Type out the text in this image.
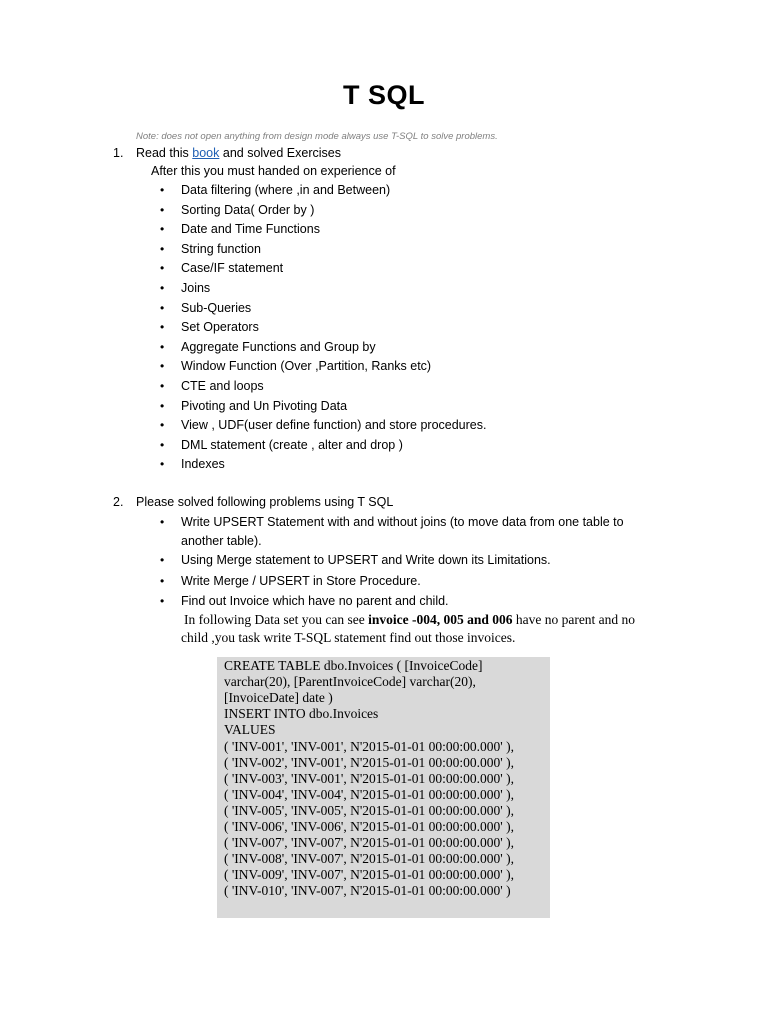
T SQL
Note: does not open anything from design mode always use T-SQL to solve problems.
1. Read this book and solved Exercises
After this you must handed on experience of
• Data filtering (where ,in and Between)
• Sorting Data( Order by )
• Date and Time Functions
• String function
• Case/IF statement
• Joins
• Sub-Queries
• Set Operators
• Aggregate Functions and Group by
• Window Function (Over ,Partition, Ranks etc)
• CTE and loops
• Pivoting and Un Pivoting Data
• View , UDF(user define function) and store procedures.
• DML statement (create , alter and drop )
• Indexes
2. Please solved following problems using T SQL
• Write UPSERT Statement with and without joins (to move data from one table to
another table).
• Using Merge statement to UPSERT and Write down its Limitations.
• Write Merge / UPSERT in Store Procedure.
• Find out Invoice which have no parent and child.
In following Data set you can see invoice -004, 005 and 006 have no parent and no
child ,you task write T-SQL statement find out those invoices.
CREATE TABLE dbo.Invoices ( [InvoiceCode]
varchar(20), [ParentInvoiceCode] varchar(20),
[InvoiceDate] date )
INSERT INTO dbo.Invoices
VALUES
( 'INV-001', 'INV-001', N'2015-01-01 00:00:00.000' ),
( 'INV-002', 'INV-001', N'2015-01-01 00:00:00.000' ),
( 'INV-003', 'INV-001', N'2015-01-01 00:00:00.000' ),
( 'INV-004', 'INV-004', N'2015-01-01 00:00:00.000' ),
( 'INV-005', 'INV-005', N'2015-01-01 00:00:00.000' ),
( 'INV-006', 'INV-006', N'2015-01-01 00:00:00.000' ),
( 'INV-007', 'INV-007', N'2015-01-01 00:00:00.000' ),
( 'INV-008', 'INV-007', N'2015-01-01 00:00:00.000' ),
( 'INV-009', 'INV-007', N'2015-01-01 00:00:00.000' ),
( 'INV-010', 'INV-007', N'2015-01-01 00:00:00.000' )
